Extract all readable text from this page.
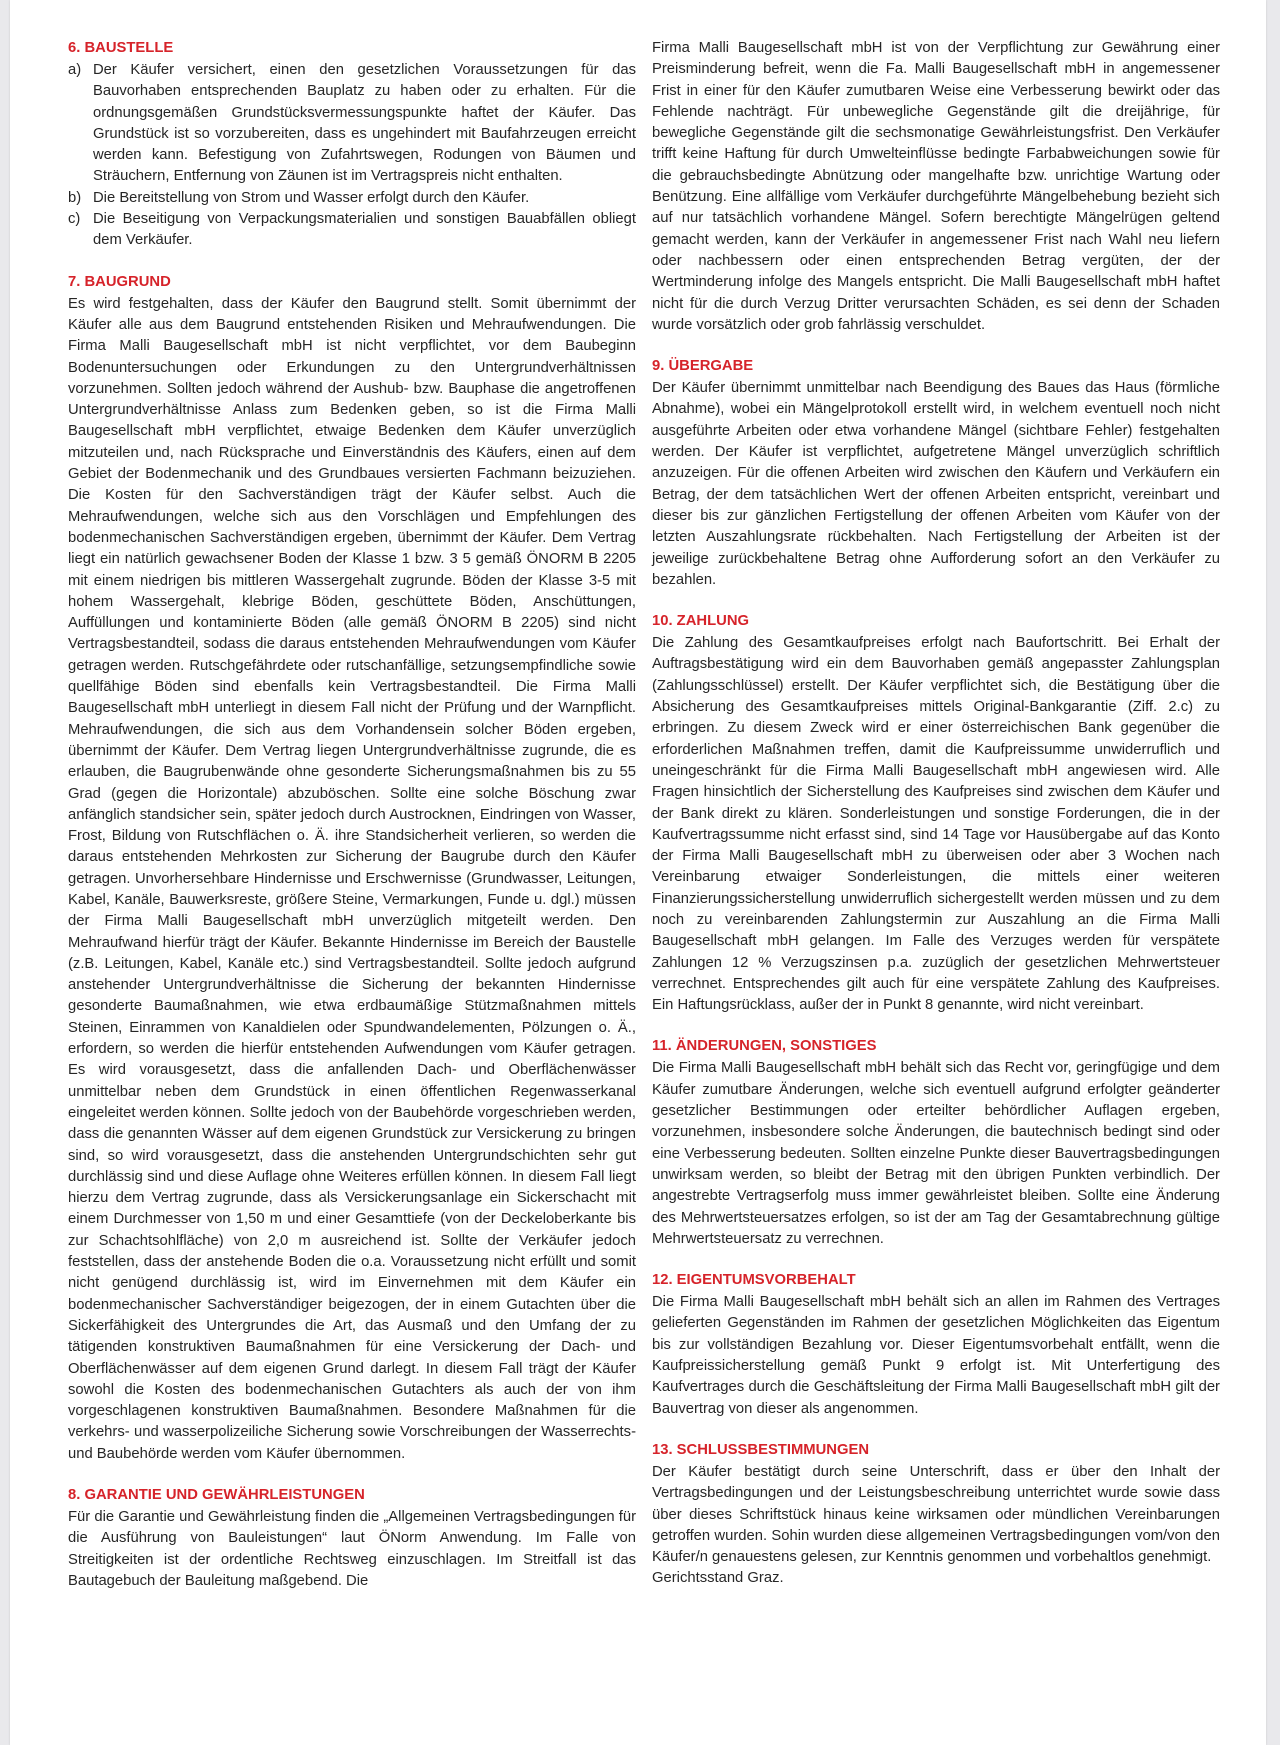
6. BAUSTELLE
a) Der Käufer versichert, einen den gesetzlichen Voraussetzungen für das Bauvorhaben entsprechenden Bauplatz zu haben oder zu erhalten. Für die ordnungsgemäßen Grundstücksvermessungspunkte haftet der Käufer. Das Grundstück ist so vorzubereiten, dass es ungehindert mit Baufahrzeugen erreicht werden kann. Befestigung von Zufahrtswegen, Rodungen von Bäumen und Sträuchern, Entfernung von Zäunen ist im Vertragspreis nicht enthalten.
b) Die Bereitstellung von Strom und Wasser erfolgt durch den Käufer.
c) Die Beseitigung von Verpackungsmaterialien und sonstigen Bauabfällen obliegt dem Verkäufer.
7. BAUGRUND

Es wird festgehalten, dass der Käufer den Baugrund stellt. Somit übernimmt der Käufer alle aus dem Baugrund entstehenden Risiken und Mehraufwendungen. Die Firma Malli Baugesellschaft mbH ist nicht verpflichtet, vor dem Baubeginn Bodenuntersuchungen oder Erkundungen zu den Untergrundverhältnissen vorzunehmen. Sollten jedoch während der Aushub- bzw. Bauphase die angetroffenen Untergrundverhältnisse Anlass zum Bedenken geben, so ist die Firma Malli Baugesellschaft mbH verpflichtet, etwaige Bedenken dem Käufer unverzüglich mitzuteilen und, nach Rücksprache und Einverständnis des Käufers, einen auf dem Gebiet der Bodenmechanik und des Grundbaues versierten Fachmann beizuziehen. Die Kosten für den Sachverständigen trägt der Käufer selbst. Auch die Mehraufwendungen, welche sich aus den Vorschlägen und Empfehlungen des bodenmechanischen Sachverständigen ergeben, übernimmt der Käufer. Dem Vertrag liegt ein natürlich gewachsener Boden der Klasse 1 bzw. 3 5 gemäß ÖNORM B 2205 mit einem niedrigen bis mittleren Wassergehalt zugrunde. Böden der Klasse 3-5 mit hohem Wassergehalt, klebrige Böden, geschüttete Böden, Anschüttungen, Auffüllungen und kontaminierte Böden (alle gemäß ÖNORM B 2205) sind nicht Vertragsbestandteil, sodass die daraus entstehenden Mehraufwendungen vom Käufer getragen werden. Rutschgefährdete oder rutschanfällige, setzungsempfindliche sowie quellfähige Böden sind ebenfalls kein Vertragsbestandteil. Die Firma Malli Baugesellschaft mbH unterliegt in diesem Fall nicht der Prüfung und der Warnpflicht. Mehraufwendungen, die sich aus dem Vorhandensein solcher Böden ergeben, übernimmt der Käufer. Dem Vertrag liegen Untergrundverhältnisse zugrunde, die es erlauben, die Baugrubenwände ohne gesonderte Sicherungsmaßnahmen bis zu 55 Grad (gegen die Horizontale) abzuböschen. Sollte eine solche Böschung zwar anfänglich standsicher sein, später jedoch durch Austrocknen, Eindringen von Wasser, Frost, Bildung von Rutschflächen o. Ä. ihre Standsicherheit verlieren, so werden die daraus entstehenden Mehrkosten zur Sicherung der Baugrube durch den Käufer getragen. Unvorhersehbare Hindernisse und Erschwernisse (Grundwasser, Leitungen, Kabel, Kanäle, Bauwerksreste, größere Steine, Vermarkungen, Funde u. dgl.) müssen der Firma Malli Baugesellschaft mbH unverzüglich mitgeteilt werden. Den Mehraufwand hierfür trägt der Käufer. Bekannte Hindernisse im Bereich der Baustelle (z.B. Leitungen, Kabel, Kanäle etc.) sind Vertragsbestandteil. Sollte jedoch aufgrund anstehender Untergrundverhältnisse die Sicherung der bekannten Hindernisse gesonderte Baumaßnahmen, wie etwa erdbaumäßige Stützmaßnahmen mittels Steinen, Einrammen von Kanaldielen oder Spundwandelementen, Pölzungen o. Ä., erfordern, so werden die hierfür entstehenden Aufwendungen vom Käufer getragen. Es wird vorausgesetzt, dass die anfallenden Dach- und Oberflächenwässer unmittelbar neben dem Grundstück in einen öffentlichen Regenwasserkanal eingeleitet werden können. Sollte jedoch von der Baubehörde vorgeschrieben werden, dass die genannten Wässer auf dem eigenen Grundstück zur Versickerung zu bringen sind, so wird vorausgesetzt, dass die anstehenden Untergrundschichten sehr gut durchlässig sind und diese Auflage ohne Weiteres erfüllen können. In diesem Fall liegt hierzu dem Vertrag zugrunde, dass als Versickerungsanlage ein Sickerschacht mit einem Durchmesser von 1,50 m und einer Gesamttiefe (von der Deckeloberkante bis zur Schachtsohlfläche) von 2,0 m ausreichend ist. Sollte der Verkäufer jedoch feststellen, dass der anstehende Boden die o.a. Voraussetzung nicht erfüllt und somit nicht genügend durchlässig ist, wird im Einvernehmen mit dem Käufer ein bodenmechanischer Sachverständiger beigezogen, der in einem Gutachten über die Sickerfähigkeit des Untergrundes die Art, das Ausmaß und den Umfang der zu tätigenden konstruktiven Baumaßnahmen für eine Versickerung der Dach- und Oberflächenwässer auf dem eigenen Grund darlegt. In diesem Fall trägt der Käufer sowohl die Kosten des bodenmechanischen Gutachters als auch der von ihm vorgeschlagenen konstruktiven Baumaßnahmen. Besondere Maßnahmen für die verkehrs- und wasserpolizeiliche Sicherung sowie Vorschreibungen der Wasserrechts- und Baubehörde werden vom Käufer übernommen.

8. GARANTIE UND GEWÄHRLEISTUNGEN

Für die Garantie und Gewährleistung finden die „Allgemeinen Vertragsbedingungen für die Ausführung von Bauleistungen“ laut ÖNorm Anwendung. Im Falle von Streitigkeiten ist der ordentliche Rechtsweg einzuschlagen. Im Streitfall ist das Bautagebuch der Bauleitung maßgebend. Die

Firma Malli Baugesellschaft mbH ist von der Verpflichtung zur Gewährung einer Preisminderung befreit, wenn die Fa. Malli Baugesellschaft mbH in angemessener Frist in einer für den Käufer zumutbaren Weise eine Verbesserung bewirkt oder das Fehlende nachträgt. Für unbewegliche Gegenstände gilt die dreijährige, für bewegliche Gegenstände gilt die sechsmonatige Gewährleistungsfrist. Den Verkäufer trifft keine Haftung für durch Umwelteinflüsse bedingte Farbabweichungen sowie für die gebrauchsbedingte Abnützung oder mangelhafte bzw. unrichtige Wartung oder Benützung. Eine allfällige vom Verkäufer durchgeführte Mängelbehebung bezieht sich auf nur tatsächlich vorhandene Mängel. Sofern berechtigte Mängelrügen geltend gemacht werden, kann der Verkäufer in angemessener Frist nach Wahl neu liefern oder nachbessern oder einen entsprechenden Betrag vergüten, der der Wertminderung infolge des Mangels entspricht. Die Malli Baugesellschaft mbH haftet nicht für die durch Verzug Dritter verursachten Schäden, es sei denn der Schaden wurde vorsätzlich oder grob fahrlässig verschuldet.

9. ÜBERGABE

Der Käufer übernimmt unmittelbar nach Beendigung des Baues das Haus (förmliche Abnahme), wobei ein Mängelprotokoll erstellt wird, in welchem eventuell noch nicht ausgeführte Arbeiten oder etwa vorhandene Mängel (sichtbare Fehler) festgehalten werden. Der Käufer ist verpflichtet, aufgetretene Mängel unverzüglich schriftlich anzuzeigen. Für die offenen Arbeiten wird zwischen den Käufern und Verkäufern ein Betrag, der dem tatsächlichen Wert der offenen Arbeiten entspricht, vereinbart und dieser bis zur gänzlichen Fertigstellung der offenen Arbeiten vom Käufer von der letzten Auszahlungsrate rückbehalten. Nach Fertigstellung der Arbeiten ist der jeweilige zurückbehaltene Betrag ohne Aufforderung sofort an den Verkäufer zu bezahlen.

10. ZAHLUNG

Die Zahlung des Gesamtkaufpreises erfolgt nach Baufortschritt. Bei Erhalt der Auftragsbestätigung wird ein dem Bauvorhaben gemäß angepasster Zahlungsplan (Zahlungsschlüssel) erstellt. Der Käufer verpflichtet sich, die Bestätigung über die Absicherung des Gesamtkaufpreises mittels Original-Bankgarantie (Ziff. 2.c) zu erbringen. Zu diesem Zweck wird er einer österreichischen Bank gegenüber die erforderlichen Maßnahmen treffen, damit die Kaufpreissumme unwiderruflich und uneingeschränkt für die Firma Malli Baugesellschaft mbH angewiesen wird. Alle Fragen hinsichtlich der Sicherstellung des Kaufpreises sind zwischen dem Käufer und der Bank direkt zu klären. Sonderleistungen und sonstige Forderungen, die in der Kaufvertragssumme nicht erfasst sind, sind 14 Tage vor Hausübergabe auf das Konto der Firma Malli Baugesellschaft mbH zu überweisen oder aber 3 Wochen nach Vereinbarung etwaiger Sonderleistungen, die mittels einer weiteren Finanzierungssicherstellung unwiderruflich sichergestellt werden müssen und zu dem noch zu vereinbarenden Zahlungstermin zur Auszahlung an die Firma Malli Baugesellschaft mbH gelangen. Im Falle des Verzuges werden für verspätete Zahlungen 12 % Verzugszinsen p.a. zuzüglich der gesetzlichen Mehrwertsteuer verrechnet. Entsprechendes gilt auch für eine verspätete Zahlung des Kaufpreises. Ein Haftungsrücklass, außer der in Punkt 8 genannte, wird nicht vereinbart.

11. ÄNDERUNGEN, SONSTIGES

Die Firma Malli Baugesellschaft mbH behält sich das Recht vor, geringfügige und dem Käufer zumutbare Änderungen, welche sich eventuell aufgrund erfolgter geänderter gesetzlicher Bestimmungen oder erteilter behördlicher Auflagen ergeben, vorzunehmen, insbesondere solche Änderungen, die bautechnisch bedingt sind oder eine Verbesserung bedeuten. Sollten einzelne Punkte dieser Bauvertragsbedingungen unwirksam werden, so bleibt der Betrag mit den übrigen Punkten verbindlich. Der angestrebte Vertragserfolg muss immer gewährleistet bleiben. Sollte eine Änderung des Mehrwertsteuersatzes erfolgen, so ist der am Tag der Gesamtabrechnung gültige Mehrwertsteuersatz zu verrechnen.

12. EIGENTUMSVORBEHALT

Die Firma Malli Baugesellschaft mbH behält sich an allen im Rahmen des Vertrages gelieferten Gegenständen im Rahmen der gesetzlichen Möglichkeiten das Eigentum bis zur vollständigen Bezahlung vor. Dieser Eigentumsvorbehalt entfällt, wenn die Kaufpreissicherstellung gemäß Punkt 9 erfolgt ist. Mit Unterfertigung des Kaufvertrages durch die Geschäftsleitung der Firma Malli Baugesellschaft mbH gilt der Bauvertrag von dieser als angenommen.

13. SCHLUSSBESTIMMUNGEN

Der Käufer bestätigt durch seine Unterschrift, dass er über den Inhalt der Vertragsbedingungen und der Leistungsbeschreibung unterrichtet wurde sowie dass über dieses Schriftstück hinaus keine wirksamen oder mündlichen Vereinbarungen getroffen wurden. Sohin wurden diese allgemeinen Vertragsbedingungen vom/von den Käufer/n genauestens gelesen, zur Kenntnis genommen und vorbehaltlos genehmigt.

Gerichtsstand Graz.
